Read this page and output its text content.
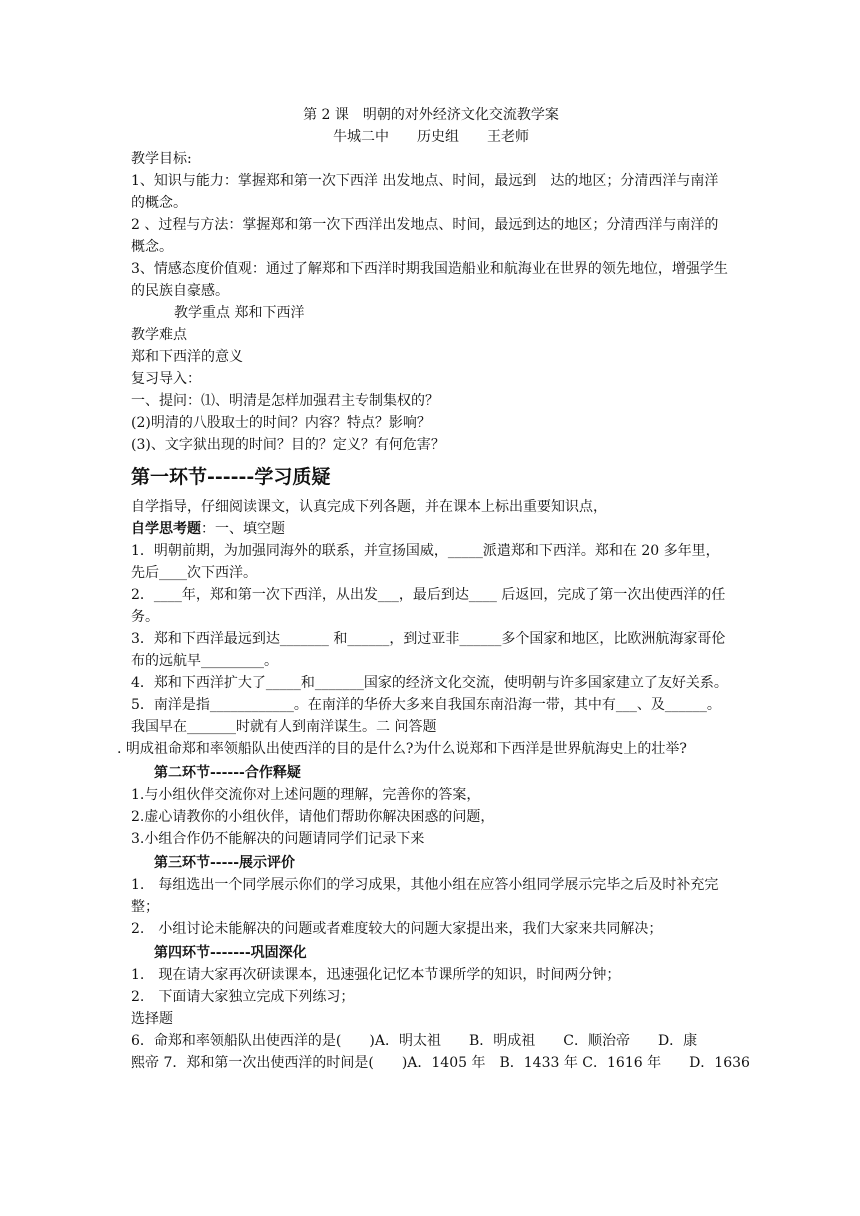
第 2 课　明朝的对外经济文化交流教学案
牛城二中　　历史组　　王老师
教学目标:
1、知识与能力：掌握郑和第一次下西洋 出发地点、时间，最远到　达的地区；分清西洋与南洋的概念。
2 、过程与方法：掌握郑和第一次下西洋出发地点、时间，最远到达的地区；分清西洋与南洋的概念。
3、情感态度价值观：通过了解郑和下西洋时期我国造船业和航海业在世界的领先地位，增强学生的民族自豪感。
教学重点 郑和下西洋
教学难点
郑和下西洋的意义
复习导入：
一、提问：⑴、明清是怎样加强君主专制集权的？
(2)明清的八股取士的时间？内容？特点？影响？
(3)、文字狱出现的时间？目的？定义？有何危害？
第一环节------学习质疑
自学指导，仔细阅读课文，认真完成下列各题，并在课本上标出重要知识点，
自学思考题：一、填空题
1．明朝前期，为加强同海外的联系，并宣扬国威，_____派遣郑和下西洋。郑和在 20 多年里，先后____次下西洋。
2．____年，郑和第一次下西洋，从出发___，最后到达____ 后返回，完成了第一次出使西洋的任务。
3．郑和下西洋最远到达_______ 和______，到过亚非______多个国家和地区，比欧洲航海家哥伦布的远航早_________。
4．郑和下西洋扩大了_____和_______国家的经济文化交流，使明朝与许多国家建立了友好关系。
5．南洋是指____________。在南洋的华侨大多来自我国东南沿海一带，其中有___、及______。我国早在_______时就有人到南洋谋生。二 问答题
. 明成祖命郑和率领船队出使西洋的目的是什么?为什么说郑和下西洋是世界航海史上的壮举?
第二环节------合作释疑
1.与小组伙伴交流你对上述问题的理解，完善你的答案，
2.虚心请教你的小组伙伴，请他们帮助你解决困惑的问题，
3.小组合作仍不能解决的问题请同学们记录下来
第三环节-----展示评价
1.　每组选出一个同学展示你们的学习成果，其他小组在应答小组同学展示完毕之后及时补充完整；
2.　小组讨论未能解决的问题或者难度较大的问题大家提出来，我们大家来共同解决；
第四环节-------巩固深化
1.　现在请大家再次研读课本，迅速强化记忆本节课所学的知识，时间两分钟；
2.　下面请大家独立完成下列练习；
选择题
6．命郑和率领船队出使西洋的是(　　)A．明太祖　　B．明成祖　　C．顺治帝　　D．康
熙帝 7．郑和第一次出使西洋的时间是(　　)A．1405 年　B．1433 年 C．1616 年　　D．1636
